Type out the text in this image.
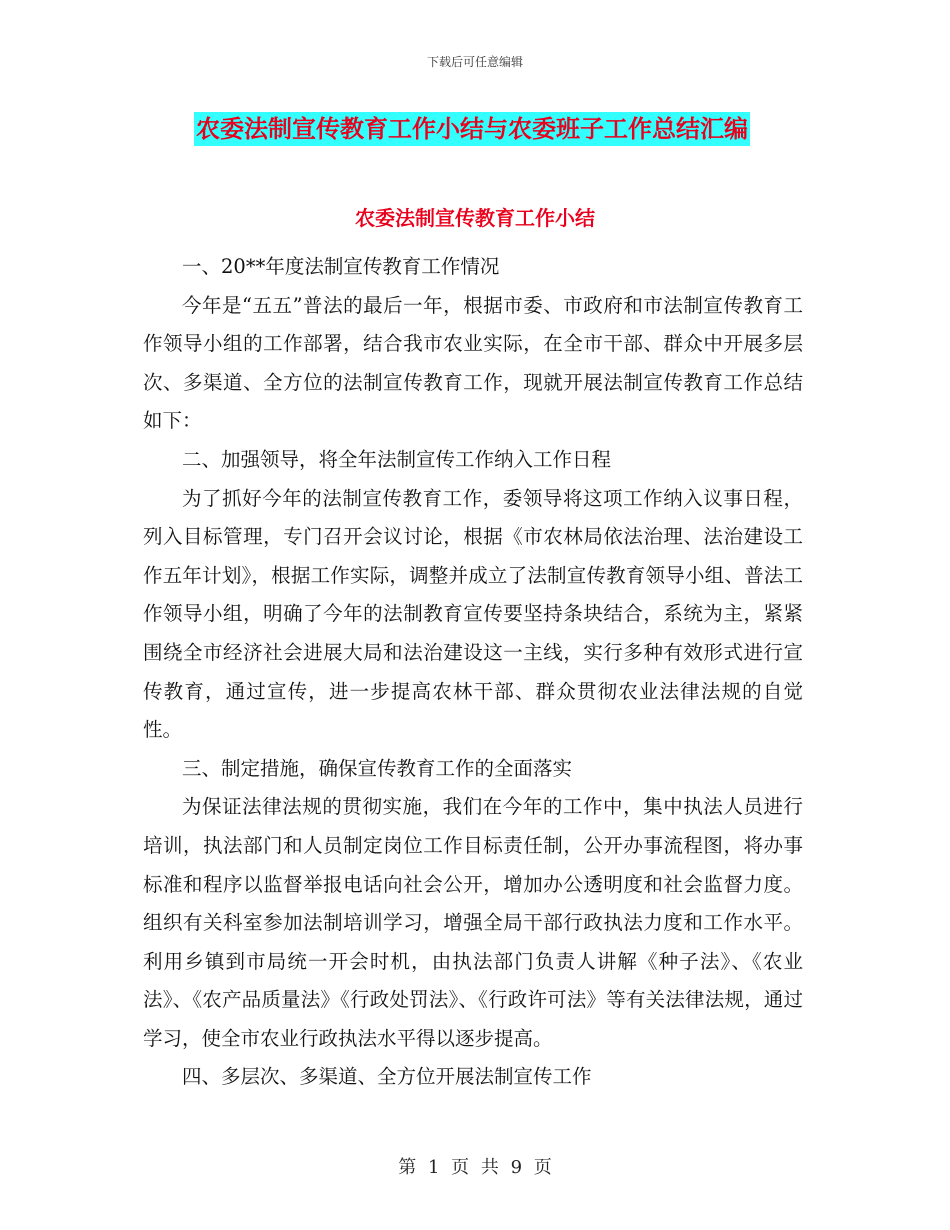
下载后可任意编辑
农委法制宣传教育工作小结与农委班子工作总结汇编
农委法制宣传教育工作小结

一、20**年度法制宣传教育工作情况

今年是“五五”普法的最后一年，根据市委、市政府和市法制宣传教育工作领导小组的工作部署，结合我市农业实际，在全市干部、群众中开展多层次、多渠道、全方位的法制宣传教育工作，现就开展法制宣传教育工作总结如下：

二、加强领导，将全年法制宣传工作纳入工作日程

为了抓好今年的法制宣传教育工作，委领导将这项工作纳入议事日程，列入目标管理，专门召开会议讨论，根据《市农林局依法治理、法治建设工作五年计划》，根据工作实际，调整并成立了法制宣传教育领导小组、普法工作领导小组，明确了今年的法制教育宣传要坚持条块结合，系统为主，紧紧围绕全市经济社会进展大局和法治建设这一主线，实行多种有效形式进行宣传教育，通过宣传，进一步提高农林干部、群众贯彻农业法律法规的自觉性。

三、制定措施，确保宣传教育工作的全面落实

为保证法律法规的贯彻实施，我们在今年的工作中，集中执法人员进行培训，执法部门和人员制定岗位工作目标责任制，公开办事流程图，将办事标准和程序以监督举报电话向社会公开，增加办公透明度和社会监督力度。组织有关科室参加法制培训学习，增强全局干部行政执法力度和工作水平。利用乡镇到市局统一开会时机，由执法部门负责人讲解《种子法》、《农业法》、《农产品质量法》《行政处罚法》、《行政许可法》等有关法律法规，通过学习，使全市农业行政执法水平得以逐步提高。

四、多层次、多渠道、全方位开展法制宣传工作

第 1 页 共 9 页
